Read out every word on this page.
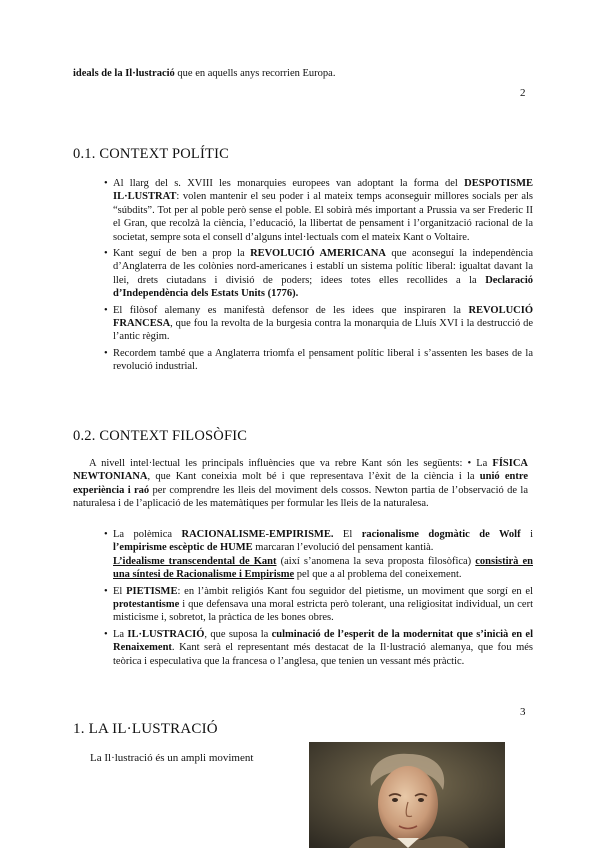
ideals de la Il·lustració que en aquells anys recorrien Europa.
2
0.1. CONTEXT POLÍTIC
• Al llarg del s. XVIII les monarquies europees van adoptant la forma del DESPOTISME IL·LUSTRAT: volen mantenir el seu poder i al mateix temps aconseguir millores socials per als “súbdits”. Tot per al poble però sense el poble. El sobirà més important a Prussia va ser Frederic II el Gran, que recolzà la ciència, l’educació, la llibertat de pensament i l’organització racional de la societat, sempre sota el consell d’alguns intel·lectuals com el mateix Kant o Voltaire.
• Kant seguí de ben a prop la REVOLUCIÓ AMERICANA que aconseguí la independència d’Anglaterra de les colònies nord-americanes i establí un sistema polític liberal: igualtat davant la llei, drets ciutadans i divisió de poders; idees totes elles recollides a la Declaració d’Independència dels Estats Units (1776).
• El filòsof alemany es manifestà defensor de les idees que inspiraren la REVOLUCIÓ FRANCESA, que fou la revolta de la burgesia contra la monarquia de Lluís XVI i la destrucció de l’antic règim.
• Recordem també que a Anglaterra triomfa el pensament polític liberal i s’assenten les bases de la revolució industrial.
0.2. CONTEXT FILOSÒFIC

A nivell intel·lectual les principals influències que va rebre Kant són les següents: • La FÍSICA NEWTONIANA, que Kant coneixia molt bé i que representava l’èxit de la ciència i la unió entre experiència i raó per comprendre les lleis del moviment dels cossos. Newton partia de l’observació de la naturalesa i de l’aplicació de les matemàtiques per formular les lleis de la naturalesa.

• La polèmica RACIONALISME-EMPIRISME. El racionalisme dogmàtic de Wolf i l’empirisme escèptic de HUME marcaran l’evolució del pensament kantià.
L’idealisme transcendental de Kant (així s’anomena la seva proposta filosòfica) consistirà en una síntesi de Racionalisme i Empirisme pel que a al problema del coneixement.
• El PIETISME: en l’àmbit religiós Kant fou seguidor del pietisme, un moviment que sorgí en el protestantisme i que defensava una moral estricta però tolerant, una religiositat individual, un cert misticisme i, sobretot, la pràctica de les bones obres.
• La IL·LUSTRACIÓ, que suposa la culminació de l’esperit de la modernitat que s’inicià en el Renaixement. Kant serà el representant més destacat de la Il·lustració alemanya, que fou més teòrica i especulativa que la francesa o l’anglesa, que tenien un vessant més pràctic.
3
1. LA IL·LUSTRACIÓ
La Il·lustració és un ampli moviment
